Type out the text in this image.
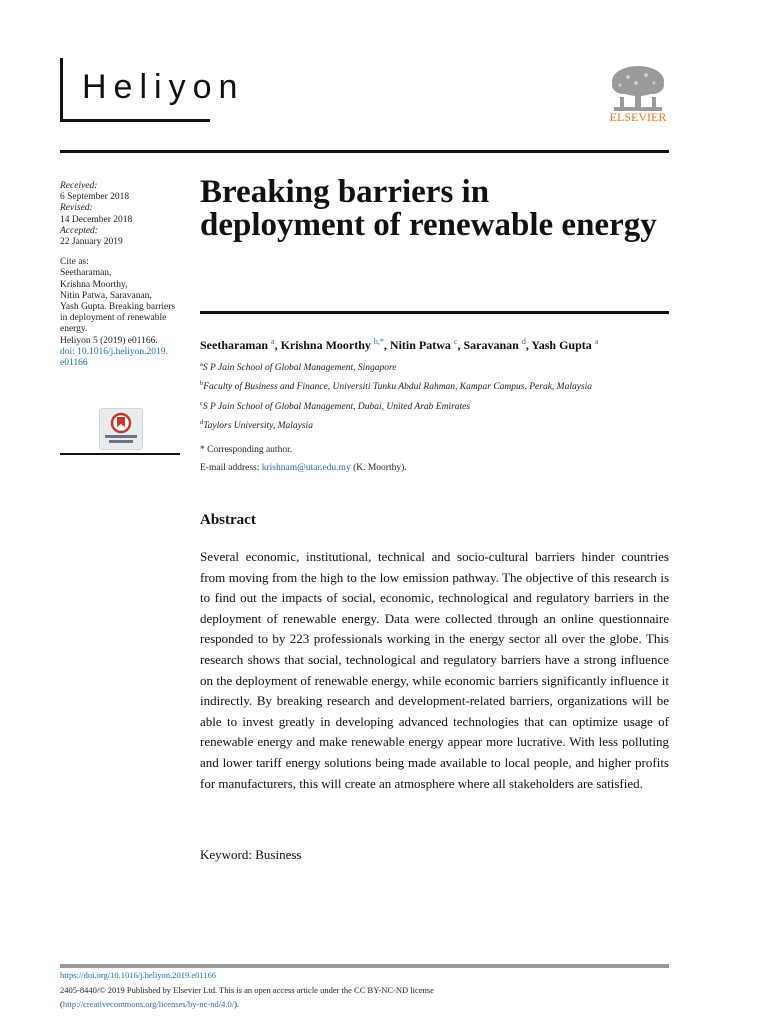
Heliyon
ELSEVIER
Received:
6 September 2018
Revised:
14 December 2018
Accepted:
22 January 2019
Cite as:
Seetharaman,
Krishna Moorthy,
Nitin Patwa, Saravanan,
Yash Gupta. Breaking barriers
in deployment of renewable
energy.
Heliyon 5 (2019) e01166.
doi: 10.1016/j.heliyon.2019.
e01166
Breaking barriers in deployment of renewable energy
Seetharaman $^a$, Krishna Moorthy $^{b,*}$, Nitin Patwa $^c$, Saravanan $^d$, Yash Gupta $^a$
$^a$S P Jain School of Global Management, Singapore
$^b$Faculty of Business and Finance, Universiti Tunku Abdul Rahman, Kampar Campus, Perak, Malaysia
$^c$S P Jain School of Global Management, Dubai, United Arab Emirates
$^d$Taylors University, Malaysia
* Corresponding author.
E-mail address: krishnam@utar.edu.my (K. Moorthy).
Abstract
Several economic, institutional, technical and socio-cultural barriers hinder countries from moving from the high to the low emission pathway. The objective of this research is to find out the impacts of social, economic, technological and regulatory barriers in the deployment of renewable energy. Data were collected through an online questionnaire responded to by 223 professionals working in the energy sector all over the globe. This research shows that social, technological and regulatory barriers have a strong influence on the deployment of renewable energy, while economic barriers significantly influence it indirectly. By breaking research and development-related barriers, organizations will be able to invest greatly in developing advanced technologies that can optimize usage of renewable energy and make renewable energy appear more lucrative. With less polluting and lower tariff energy solutions being made available to local people, and higher profits for manufacturers, this will create an atmosphere where all stakeholders are satisfied.
Keyword: Business
https://doi.org/10.1016/j.heliyon.2019.e01166
2405-8440/© 2019 Published by Elsevier Ltd. This is an open access article under the CC BY-NC-ND license
(http://creativecommons.org/licenses/by-nc-nd/4.0/).
